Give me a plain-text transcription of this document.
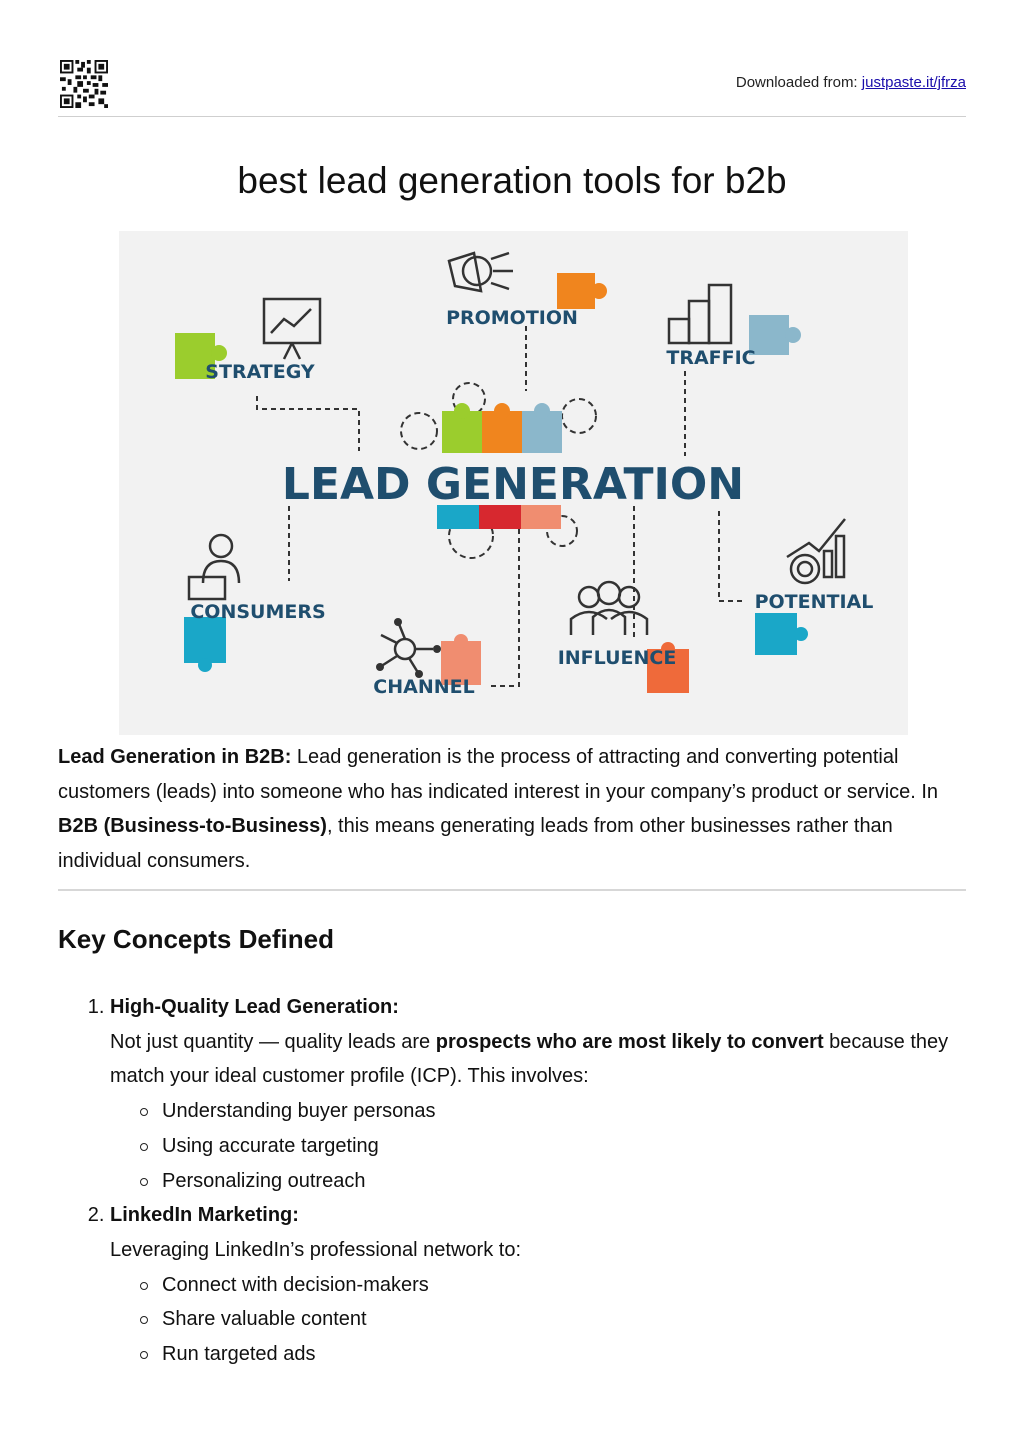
Downloaded from: justpaste.it/jfrza
best lead generation tools for b2b
LEAD GENERATION
PROMOTION
STRATEGY
TRAFFIC
CONSUMERS
CHANNEL
INFLUENCE
POTENTIAL

Lead Generation in B2B: Lead generation is the process of attracting and converting potential customers (leads) into someone who has indicated interest in your company’s product or service. In B2B (Business-to-Business), this means generating leads from other businesses rather than individual consumers.

Key Concepts Defined
1. High-Quality Lead Generation:
Not just quantity — quality leads are prospects who are most likely to convert because they match your ideal customer profile (ICP). This involves:
Understanding buyer personas
Using accurate targeting
Personalizing outreach
2. LinkedIn Marketing:
Leveraging LinkedIn’s professional network to:
Connect with decision-makers
Share valuable content
Run targeted ads
